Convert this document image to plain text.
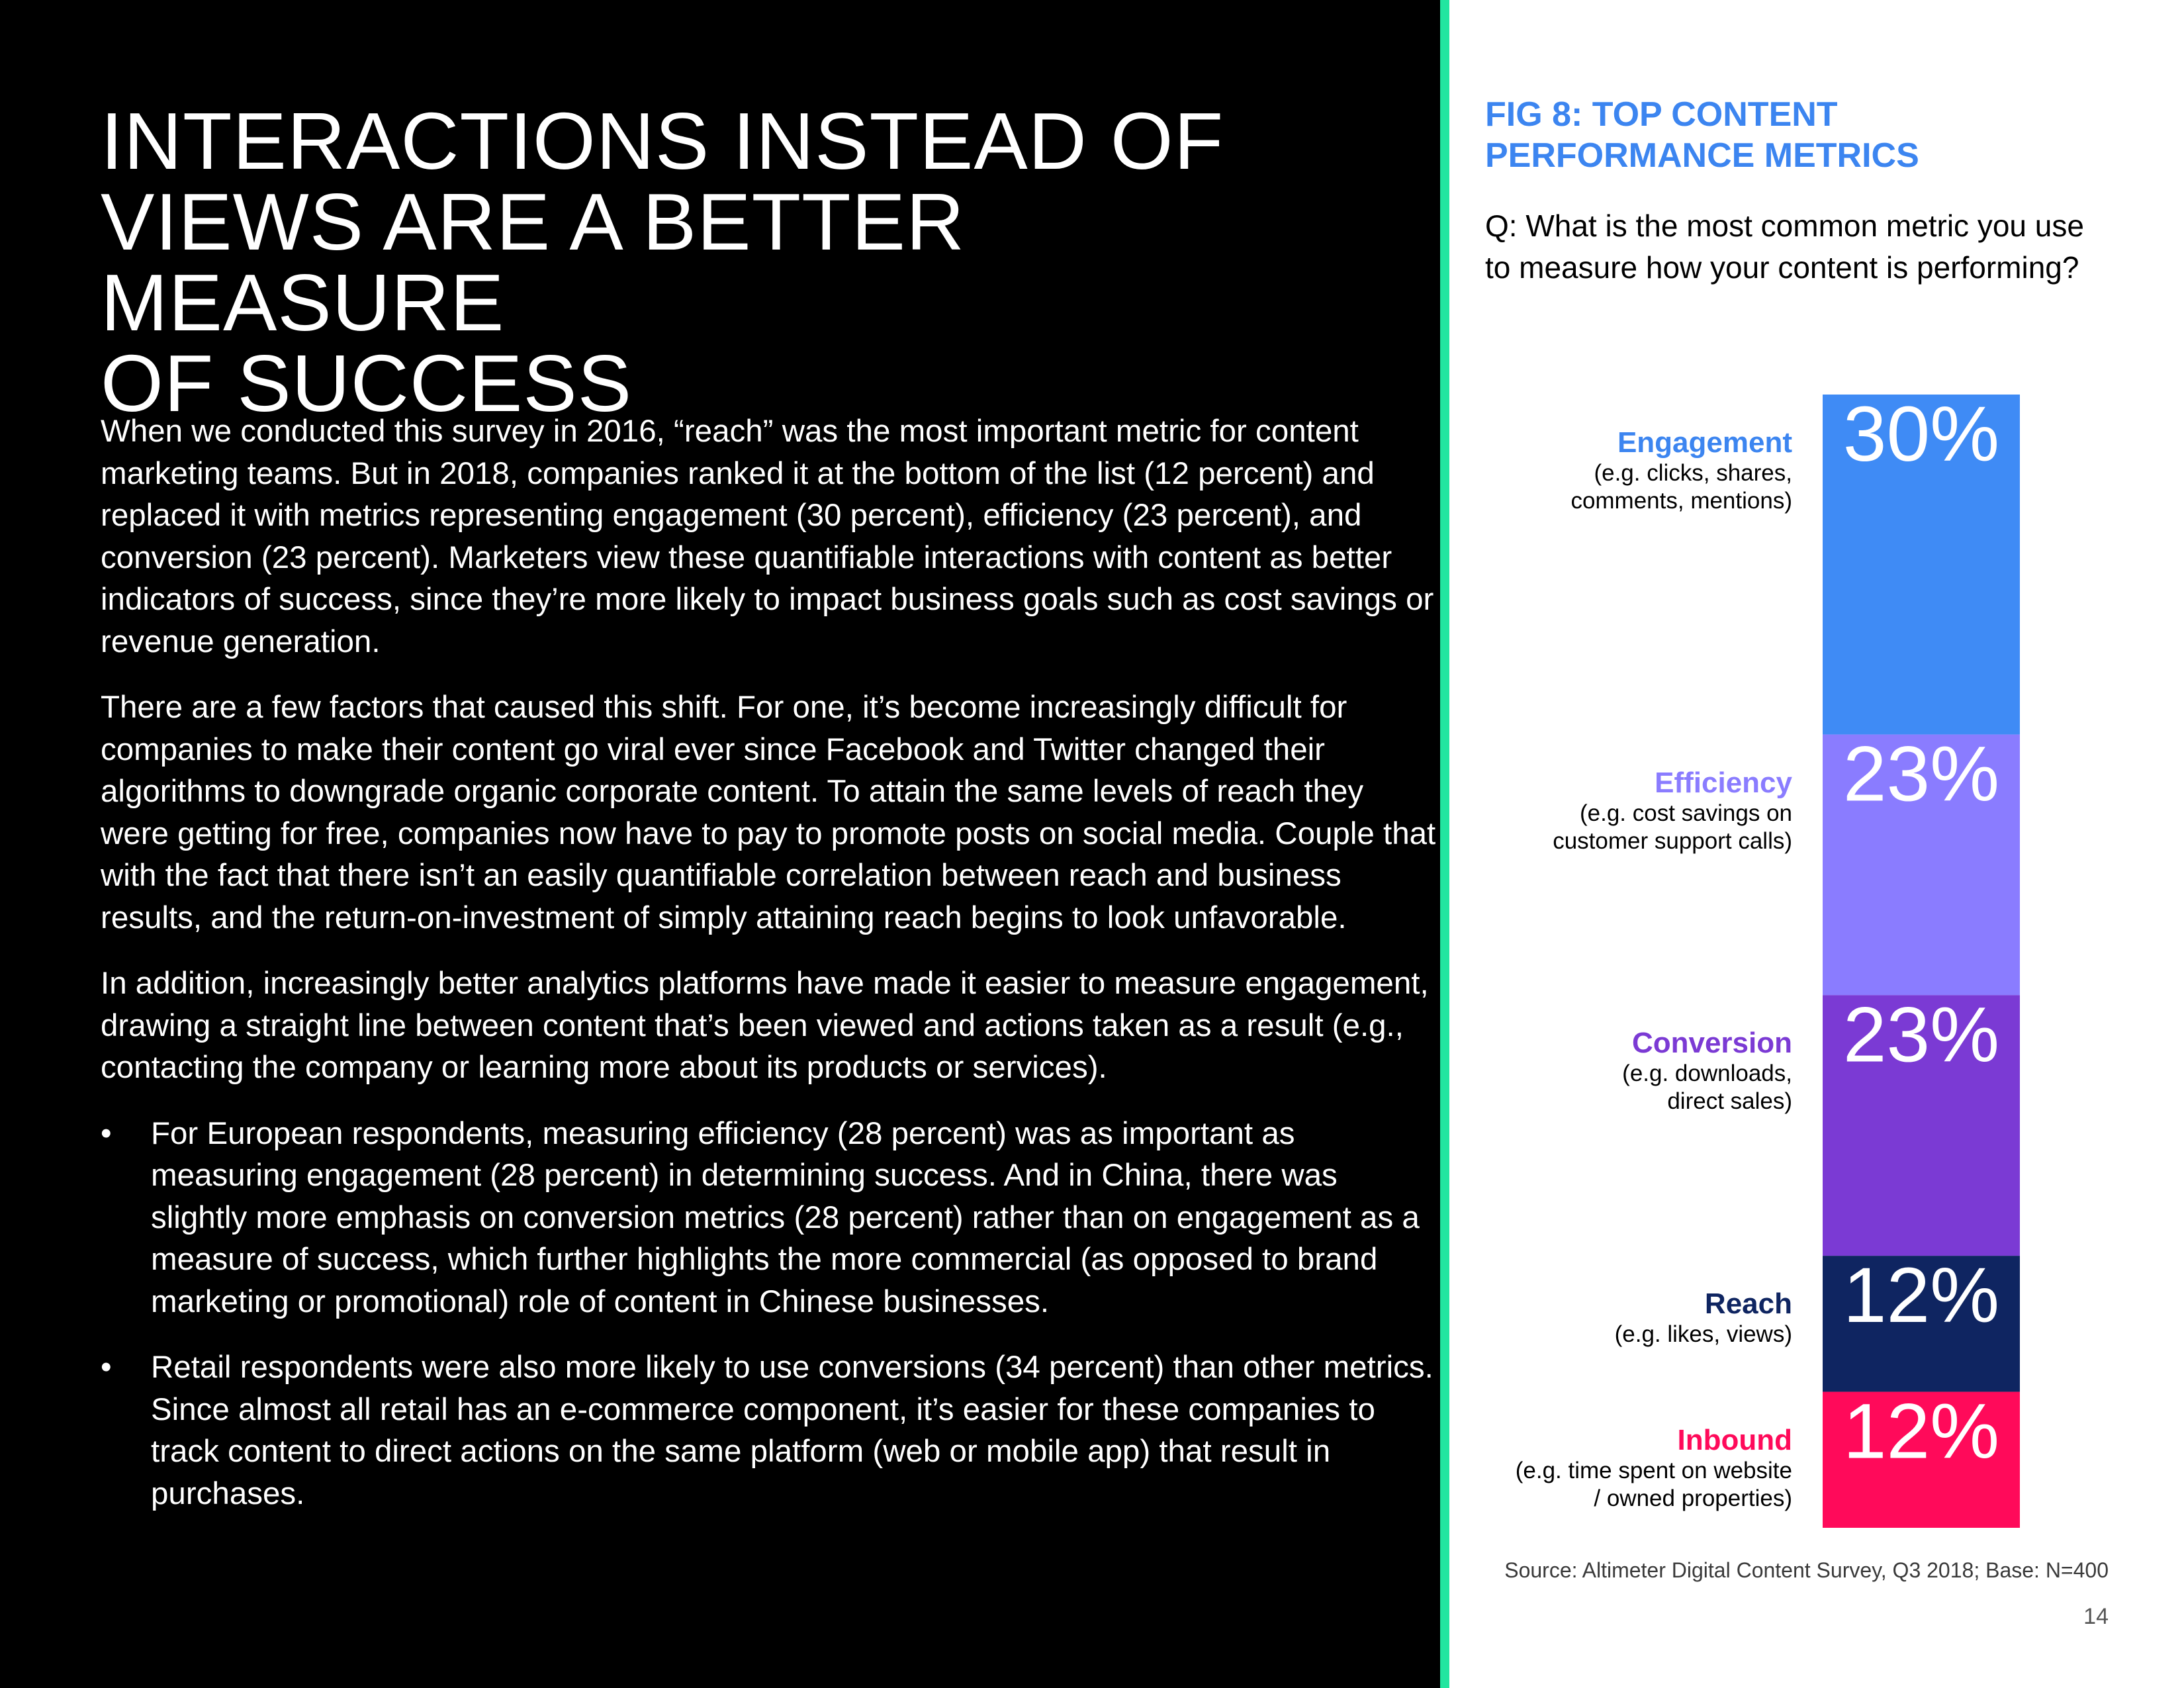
INTERACTIONS INSTEAD OF
VIEWS ARE A BETTER MEASURE
OF SUCCESS

When we conducted this survey in 2016, “reach” was the most important metric for content marketing teams. But in 2018, companies ranked it at the bottom of the list (12 percent) and replaced it with metrics representing engagement (30 percent), efficiency (23 percent), and conversion (23 percent). Marketers view these quantifiable interactions with content as better indicators of success, since they’re more likely to impact business goals such as cost savings or revenue generation.

There are a few factors that caused this shift. For one, it’s become increasingly difficult for companies to make their content go viral ever since Facebook and Twitter changed their algorithms to downgrade organic corporate content. To attain the same levels of reach they were getting for free, companies now have to pay to promote posts on social media. Couple that with the fact that there isn’t an easily quantifiable correlation between reach and business results, and the return-on-investment of simply attaining reach begins to look unfavorable.

In addition, increasingly better analytics platforms have made it easier to measure engagement, drawing a straight line between content that’s been viewed and actions taken as a result (e.g., contacting the company or learning more about its products or services).

• For European respondents, measuring efficiency (28 percent) was as important as measuring engagement (28 percent) in determining success. And in China, there was slightly more emphasis on conversion metrics (28 percent) rather than on engagement as a measure of success, which further highlights the more commercial (as opposed to brand marketing or promotional) role of content in Chinese businesses.
• Retail respondents were also more likely to use conversions (34 percent) than other metrics. Since almost all retail has an e-commerce component, it’s easier for these companies to track content to direct actions on the same platform (web or mobile app) that result in purchases.
FIG 8: TOP CONTENT
PERFORMANCE METRICS
Q: What is the most common metric you use to measure how your content is performing?
Engagement
(e.g. clicks, shares,
comments, mentions)
Efficiency
(e.g. cost savings on
customer support calls)
Conversion
(e.g. downloads,
direct sales)
Reach
(e.g. likes, views)
Inbound
(e.g. time spent on website
/ owned properties)
30%
23%
23%
12%
12%
Source: Altimeter Digital Content Survey, Q3 2018; Base: N=400
14
